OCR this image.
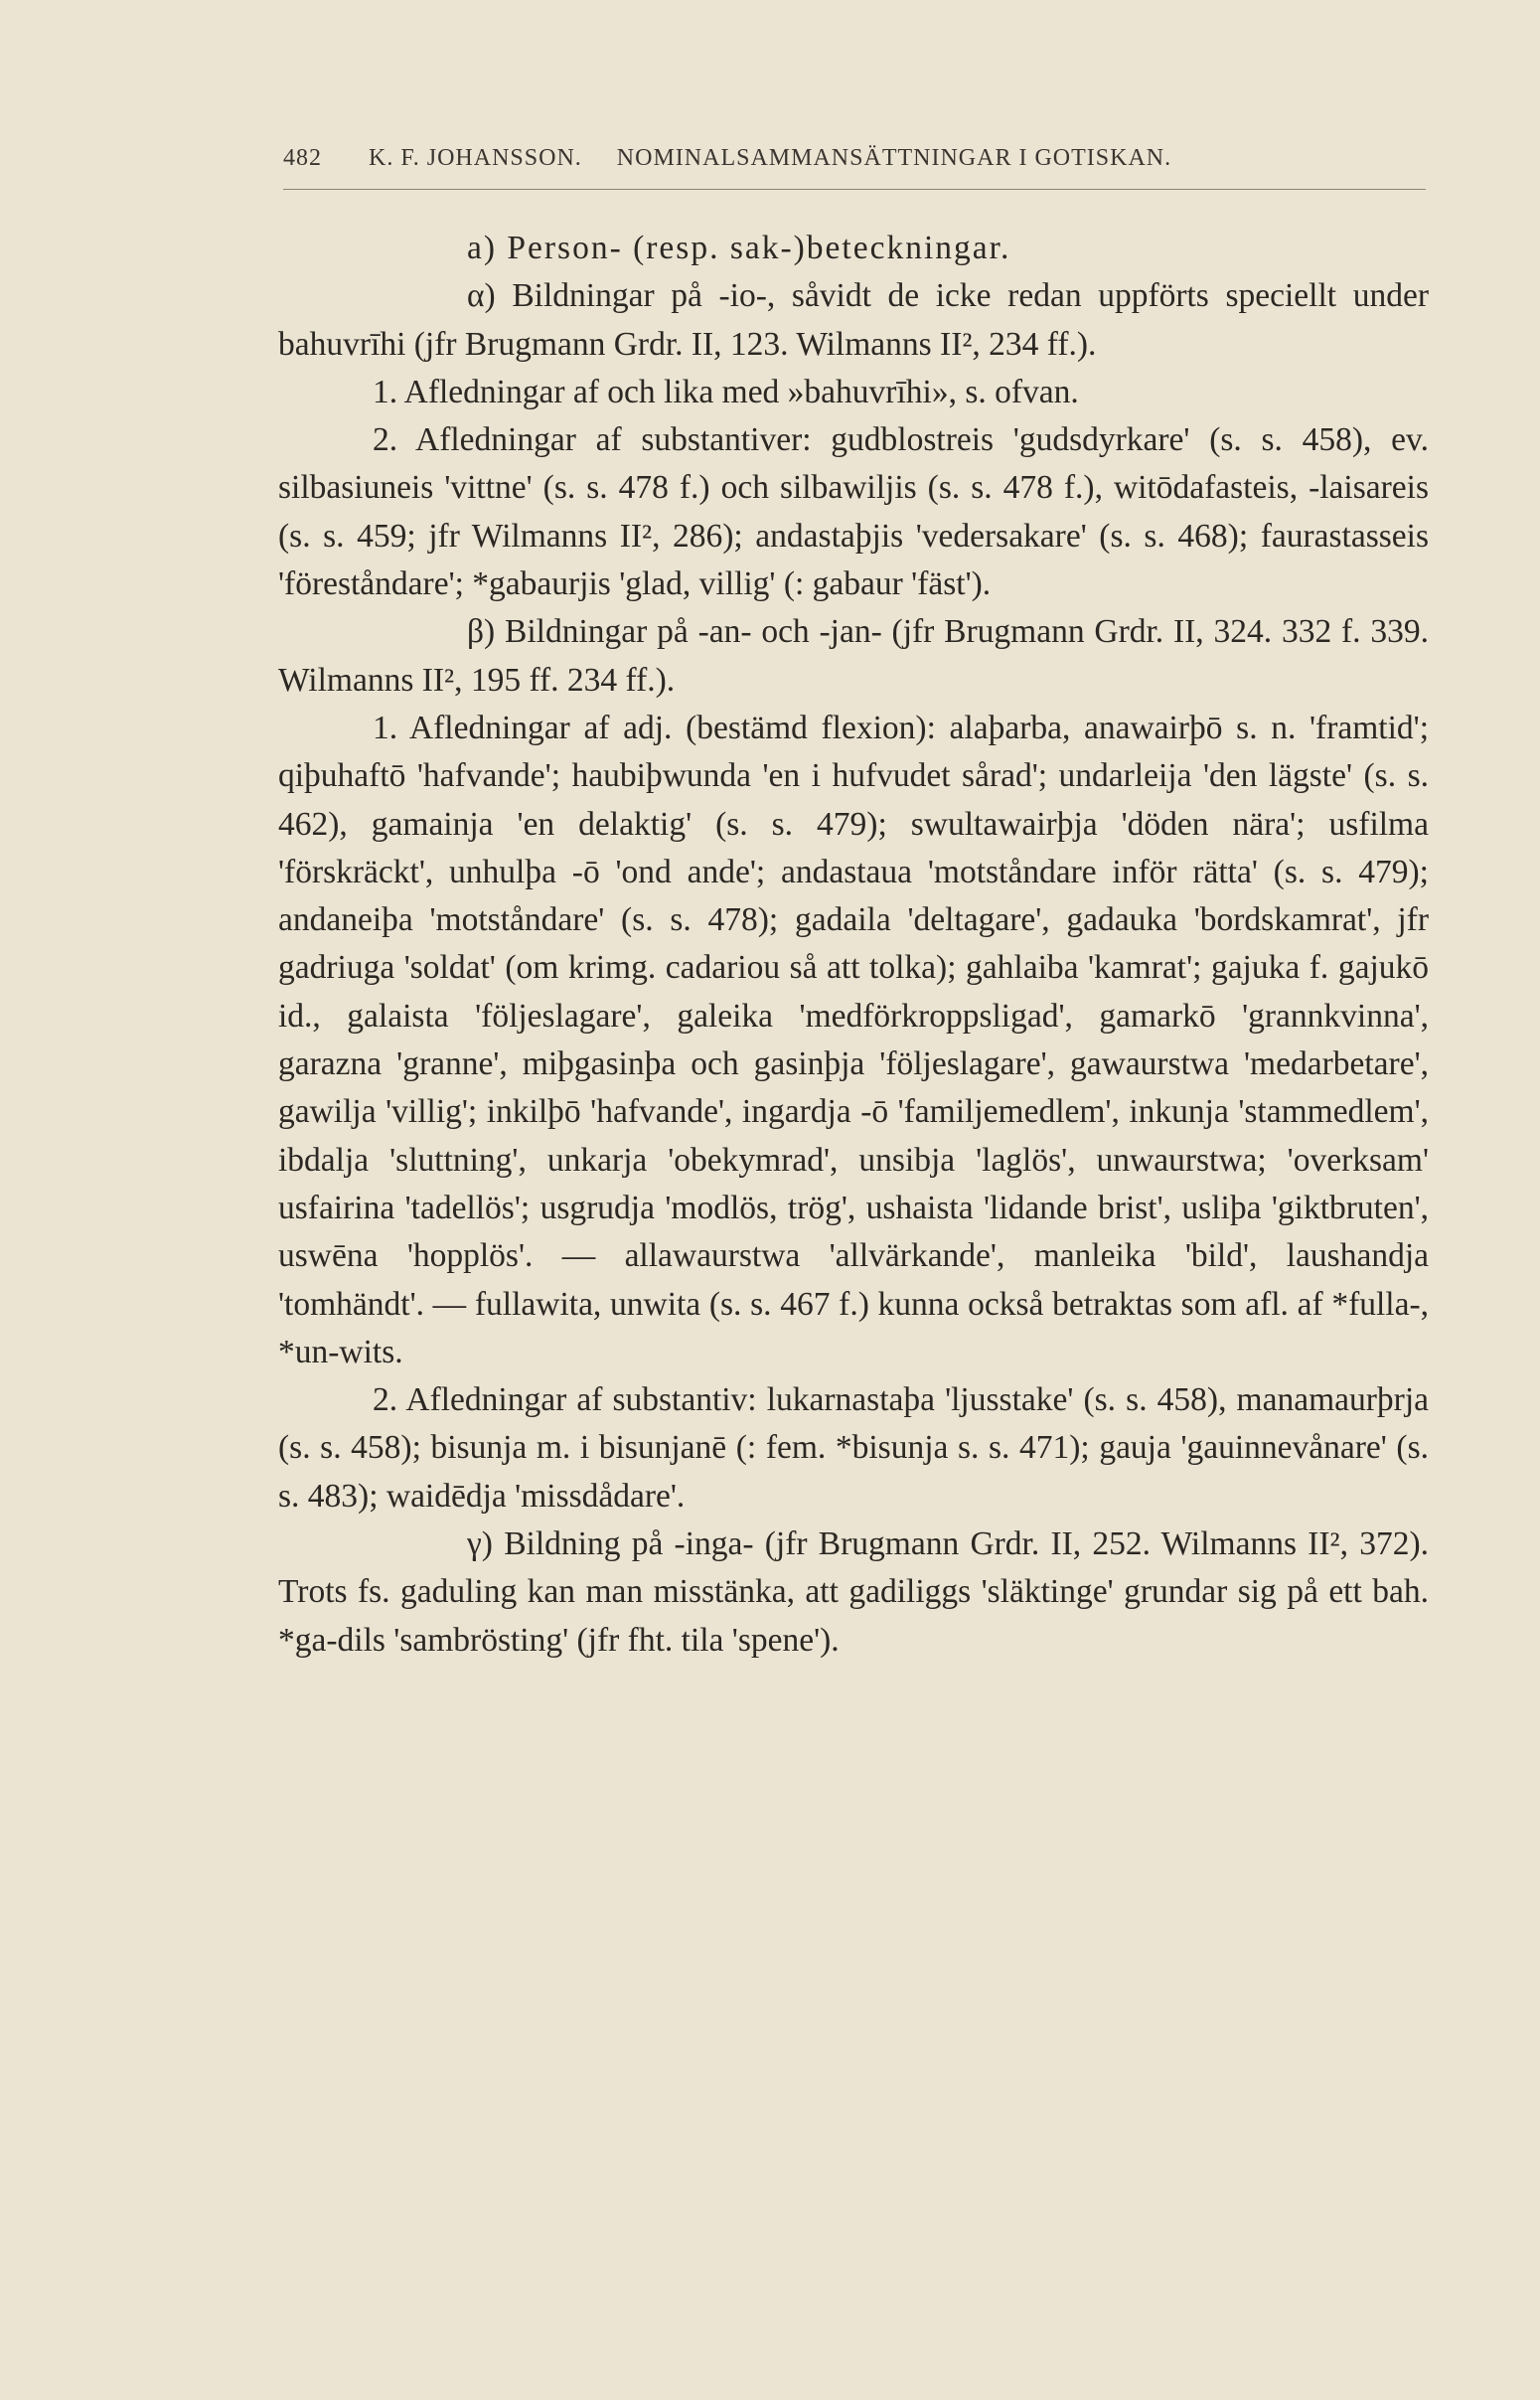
482 K. F. JOHANSSON. NOMINALSAMMANSÄTTNINGAR I GOTISKAN.

a) Person- (resp. sak-)beteckningar.

α) Bildningar på -io-, såvidt de icke redan uppförts speciellt under bahuvrīhi (jfr Brugmann Grdr. II, 123. Wilmanns II², 234 ff.).

1. Afledningar af och lika med »bahuvrīhi», s. ofvan.

2. Afledningar af substantiver: gudblostreis 'gudsdyrkare' (s. s. 458), ev. silbasiuneis 'vittne' (s. s. 478 f.) och silbawiljis (s. s. 478 f.), witōdafasteis, -laisareis (s. s. 459; jfr Wilmanns II², 286); andastaþjis 'vedersakare' (s. s. 468); faurastasseis 'föreståndare'; *gabaurjis 'glad, villig' (: gabaur 'fäst').

β) Bildningar på -an- och -jan- (jfr Brugmann Grdr. II, 324. 332 f. 339. Wilmanns II², 195 ff. 234 ff.).

1. Afledningar af adj. (bestämd flexion): alaþarba, anawairþō s. n. 'framtid'; qiþuhaftō 'hafvande'; haubiþwunda 'en i hufvudet sårad'; undarleija 'den lägste' (s. s. 462), gamainja 'en delaktig' (s. s. 479); swultawairþja 'döden nära'; usfilma 'förskräckt', unhulþa -ō 'ond ande'; andastaua 'motståndare inför rätta' (s. s. 479); andaneiþa 'motståndare' (s. s. 478); gadaila 'deltagare', gadauka 'bordskamrat', jfr gadriuga 'soldat' (om krimg. cadariou så att tolka); gahlaiba 'kamrat'; gajuka f. gajukō id., galaista 'följeslagare', galeika 'medförkroppsligad', gamarkō 'grannkvinna', garazna 'granne', miþgasinþa och gasinþja 'följeslagare', gawaurstwa 'medarbetare', gawilja 'villig'; inkilþō 'hafvande', ingardja -ō 'familjemedlem', inkunja 'stammedlem', ibdalja 'sluttning', unkarja 'obekymrad', unsibja 'laglös', unwaurstwa; 'overksam' usfairina 'tadellös'; usgrudja 'modlös, trög', ushaista 'lidande brist', usliþa 'giktbruten', uswēna 'hopplös'. — allawaurstwa 'allvärkande', manleika 'bild', laushandja 'tomhändt'. — fullawita, unwita (s. s. 467 f.) kunna också betraktas som afl. af *fulla-, *un-wits.

2. Afledningar af substantiv: lukarnastaþa 'ljusstake' (s. s. 458), manamaurþrja (s. s. 458); bisunja m. i bisunjanē (: fem. *bisunja s. s. 471); gauja 'gauinnevånare' (s. s. 483); waidēdja 'missdådare'.

γ) Bildning på -inga- (jfr Brugmann Grdr. II, 252. Wilmanns II², 372). Trots fs. gaduling kan man misstänka, att gadiliggs 'släktinge' grundar sig på ett bah. *ga-dils 'sambrösting' (jfr fht. tila 'spene').
